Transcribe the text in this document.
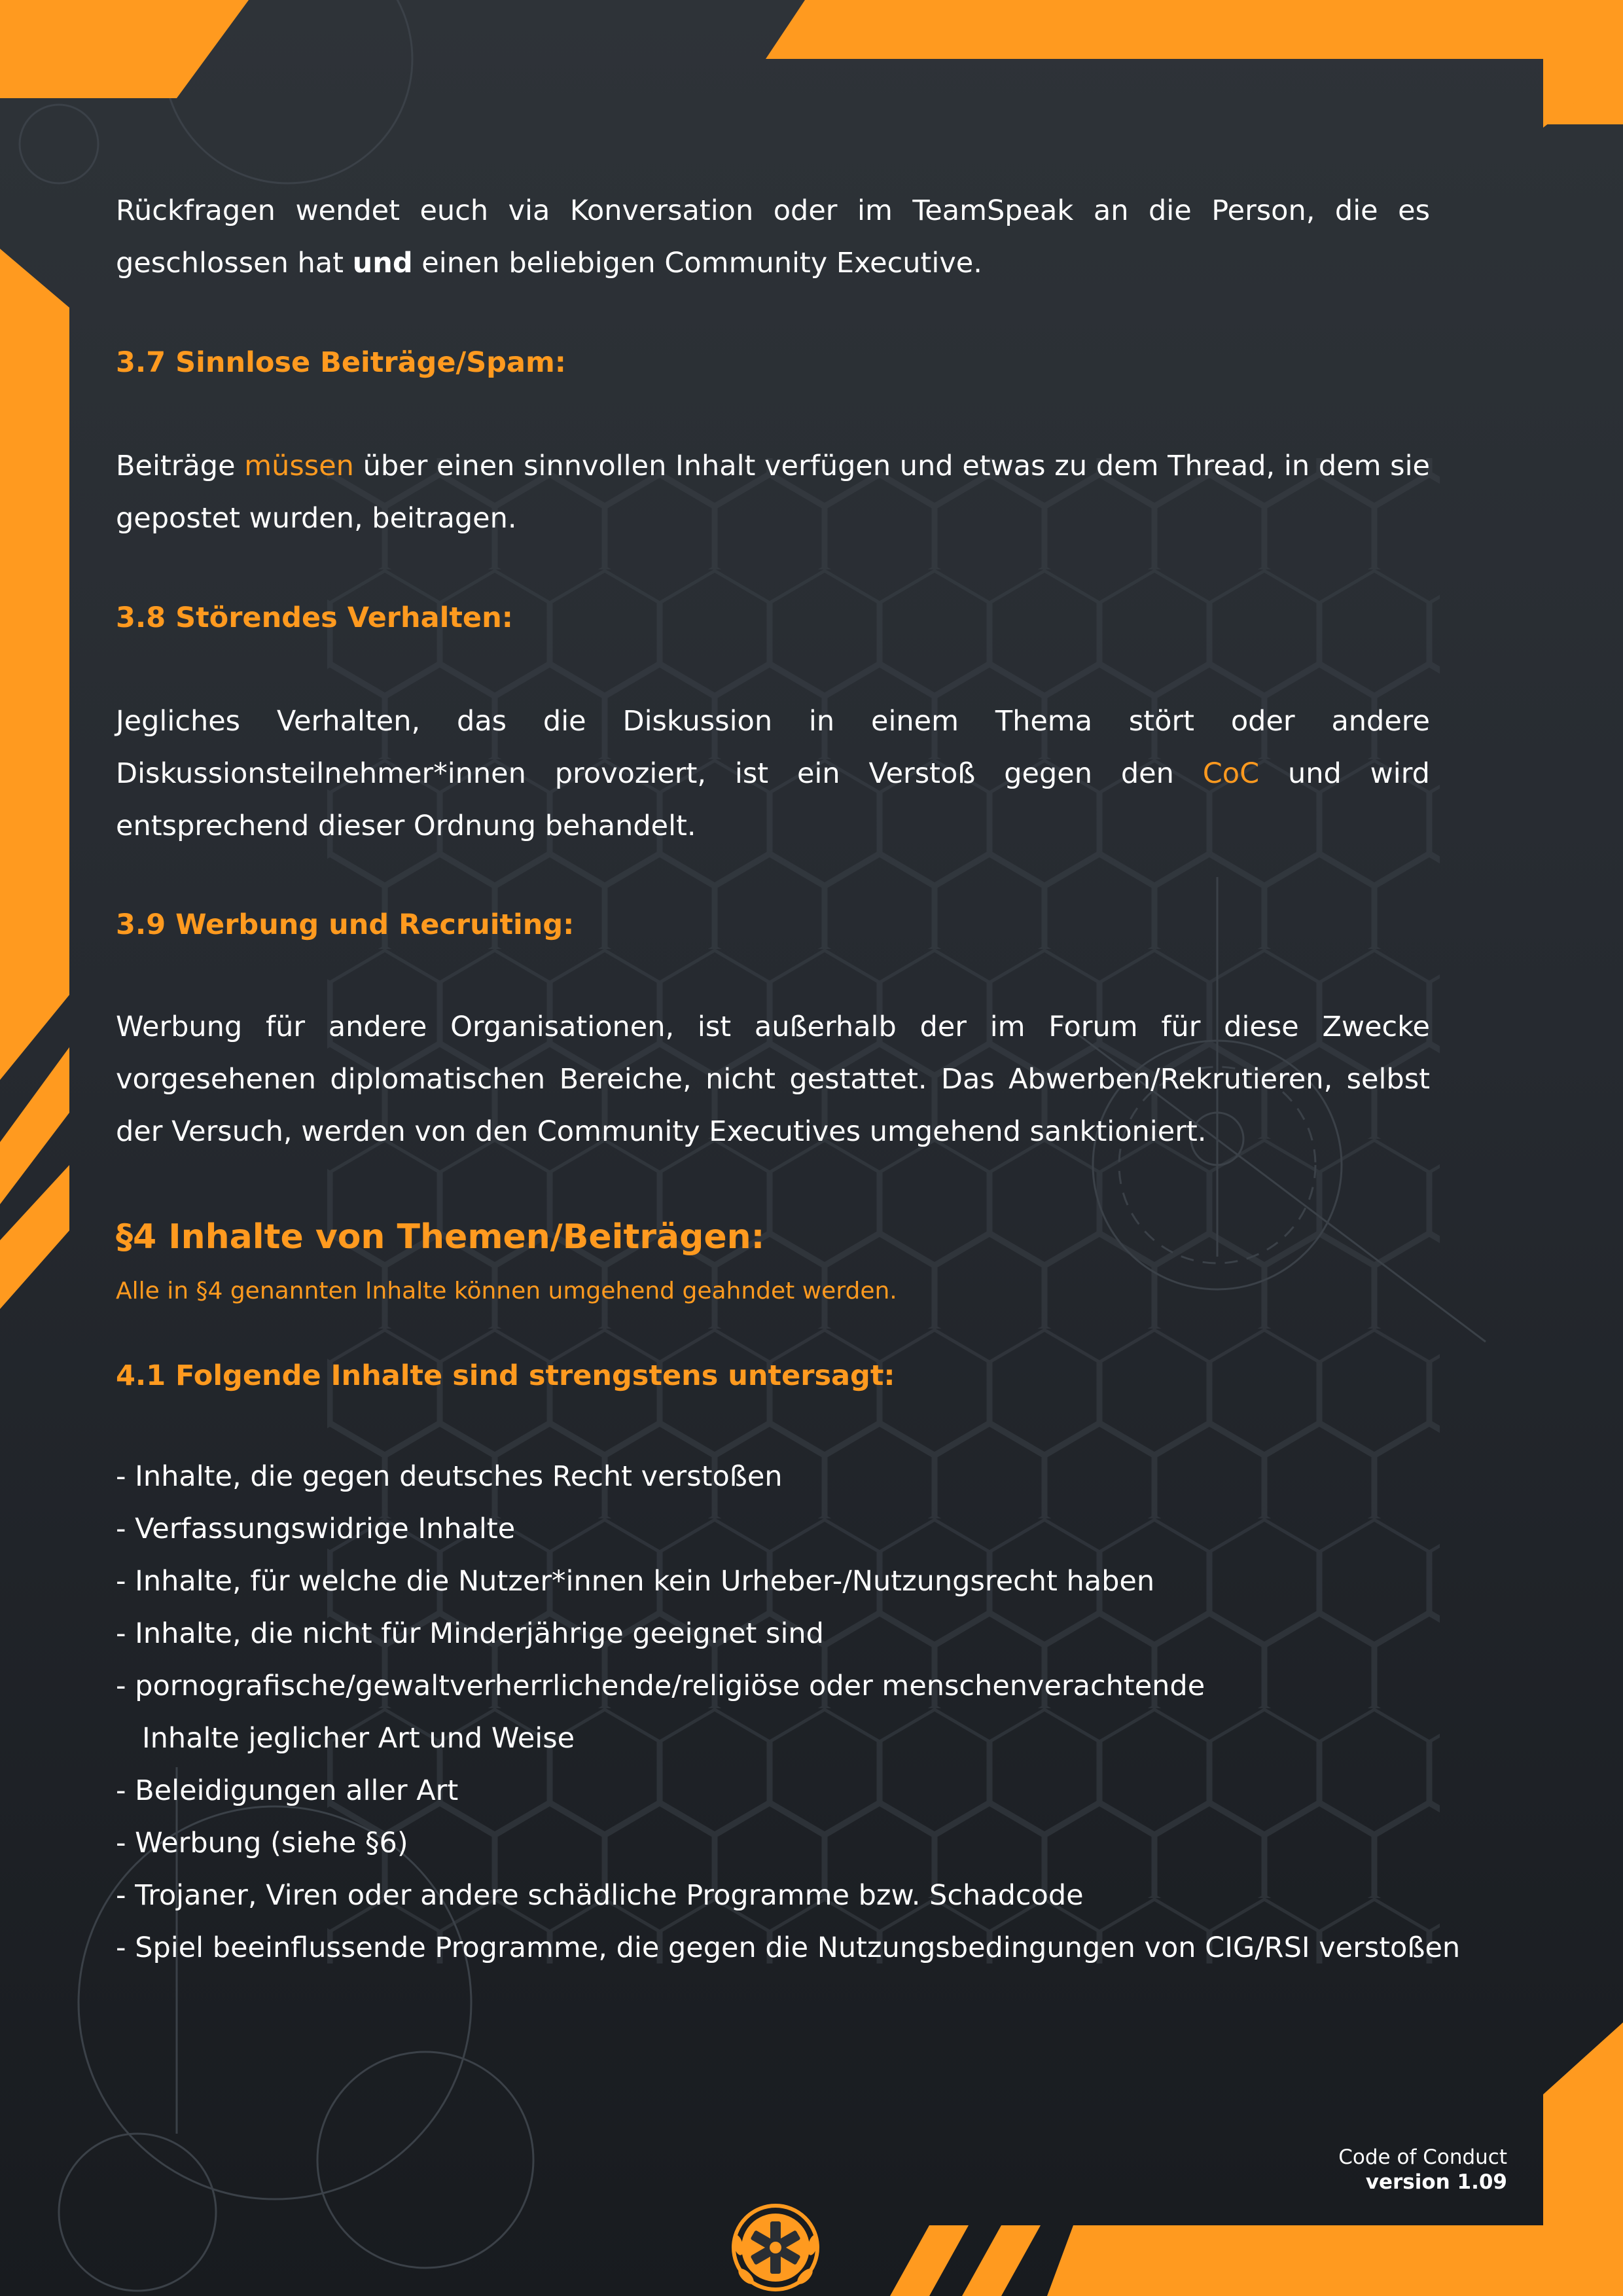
Rückfragen wendet euch via Konversation oder im TeamSpeak an die Person, die es geschlossen hat und einen beliebigen Community Executive.

3.7 Sinnlose Beiträge/Spam:

Beiträge müssen über einen sinnvollen Inhalt verfügen und etwas zu dem Thread, in dem sie gepostet wurden, beitragen.

3.8 Störendes Verhalten:

Jegliches Verhalten, das die Diskussion in einem Thema stört oder andere Diskussionsteilnehmer*innen provoziert, ist ein Verstoß gegen den CoC und wird entsprechend dieser Ordnung behandelt.

3.9 Werbung und Recruiting:

Werbung für andere Organisationen, ist außerhalb der im Forum für diese Zwecke vorgesehenen diplomatischen Bereiche, nicht gestattet. Das Abwerben/Rekrutieren, selbst der Versuch, werden von den Community Executives umgehend sanktioniert.

§4 Inhalte von Themen/Beiträgen:

Alle in §4 genannten Inhalte können umgehend geahndet werden.

4.1 Folgende Inhalte sind strengstens untersagt:
- Inhalte, die gegen deutsches Recht verstoßen
- Verfassungswidrige Inhalte
- Inhalte, für welche die Nutzer*innen kein Urheber-/Nutzungsrecht haben
- Inhalte, die nicht für Minderjährige geeignet sind
- pornografische/gewaltverherrlichende/religiöse oder menschenverachtende
Inhalte jeglicher Art und Weise
- Beleidigungen aller Art
- Werbung (siehe §6)
- Trojaner, Viren oder andere schädliche Programme bzw. Schadcode
- Spiel beeinflussende Programme, die gegen die Nutzungsbedingungen von CIG/RSI verstoßen
Code of Conduct
version 1.09
